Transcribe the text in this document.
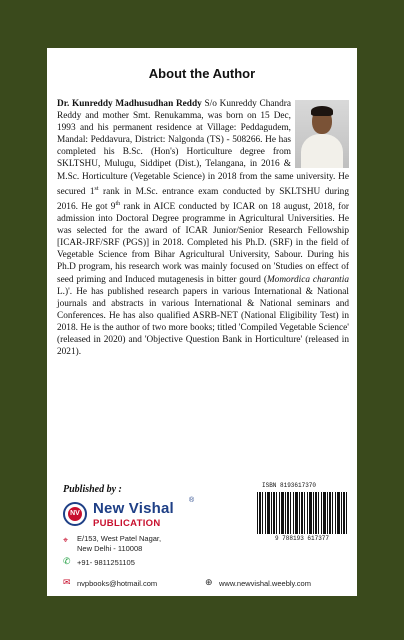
About the Author
Dr. Kunreddy Madhusudhan Reddy S/o Kunreddy Chandra Reddy and mother Smt. Renukamma, was born on 15 Dec, 1993 and his permanent residence at Village: Peddagudem, Mandal: Peddavura, District: Nalgonda (TS) - 508266. He has completed his B.Sc. (Hon's) Horticulture degree from SKLTSHU, Mulugu, Siddipet (Dist.), Telangana, in 2016 & M.Sc. Horticulture (Vegetable Science) in 2018 from the same university. He secured 1st rank in M.Sc. entrance exam conducted by SKLTSHU during 2016. He got 9th rank in AICE conducted by ICAR on 18 august, 2018, for admission into Doctoral Degree programme in Agricultural Universities. He was selected for the award of ICAR Junior/Senior Research Fellowship [ICAR-JRF/SRF (PGS)] in 2018. Completed his Ph.D. (SRF) in the field of Vegetable Science from Bihar Agricultural University, Sabour. During his Ph.D program, his research work was mainly focused on 'Studies on effect of seed priming and Induced mutagenesis in bitter gourd (Momordica charantia L.)'. He has published research papers in various International & National journals and abstracts in various International & National seminars and Conferences. He has also qualified ASRB-NET (National Eligibility Test) in 2018. He is the author of two more books; titled 'Compiled Vegetable Science' (released in 2020) and 'Objective Question Bank in Horticulture' (released in 2021).
Published by :
NV New Vishal ®
PUBLICATION
⌖ E/153, West Patel Nagar,
New Delhi - 110008
✆ +91- 9811251105
✉ nvpbooks@hotmail.com	⊕ www.newvishal.weebly.com
ISBN 8193617370
9 788193 617377
